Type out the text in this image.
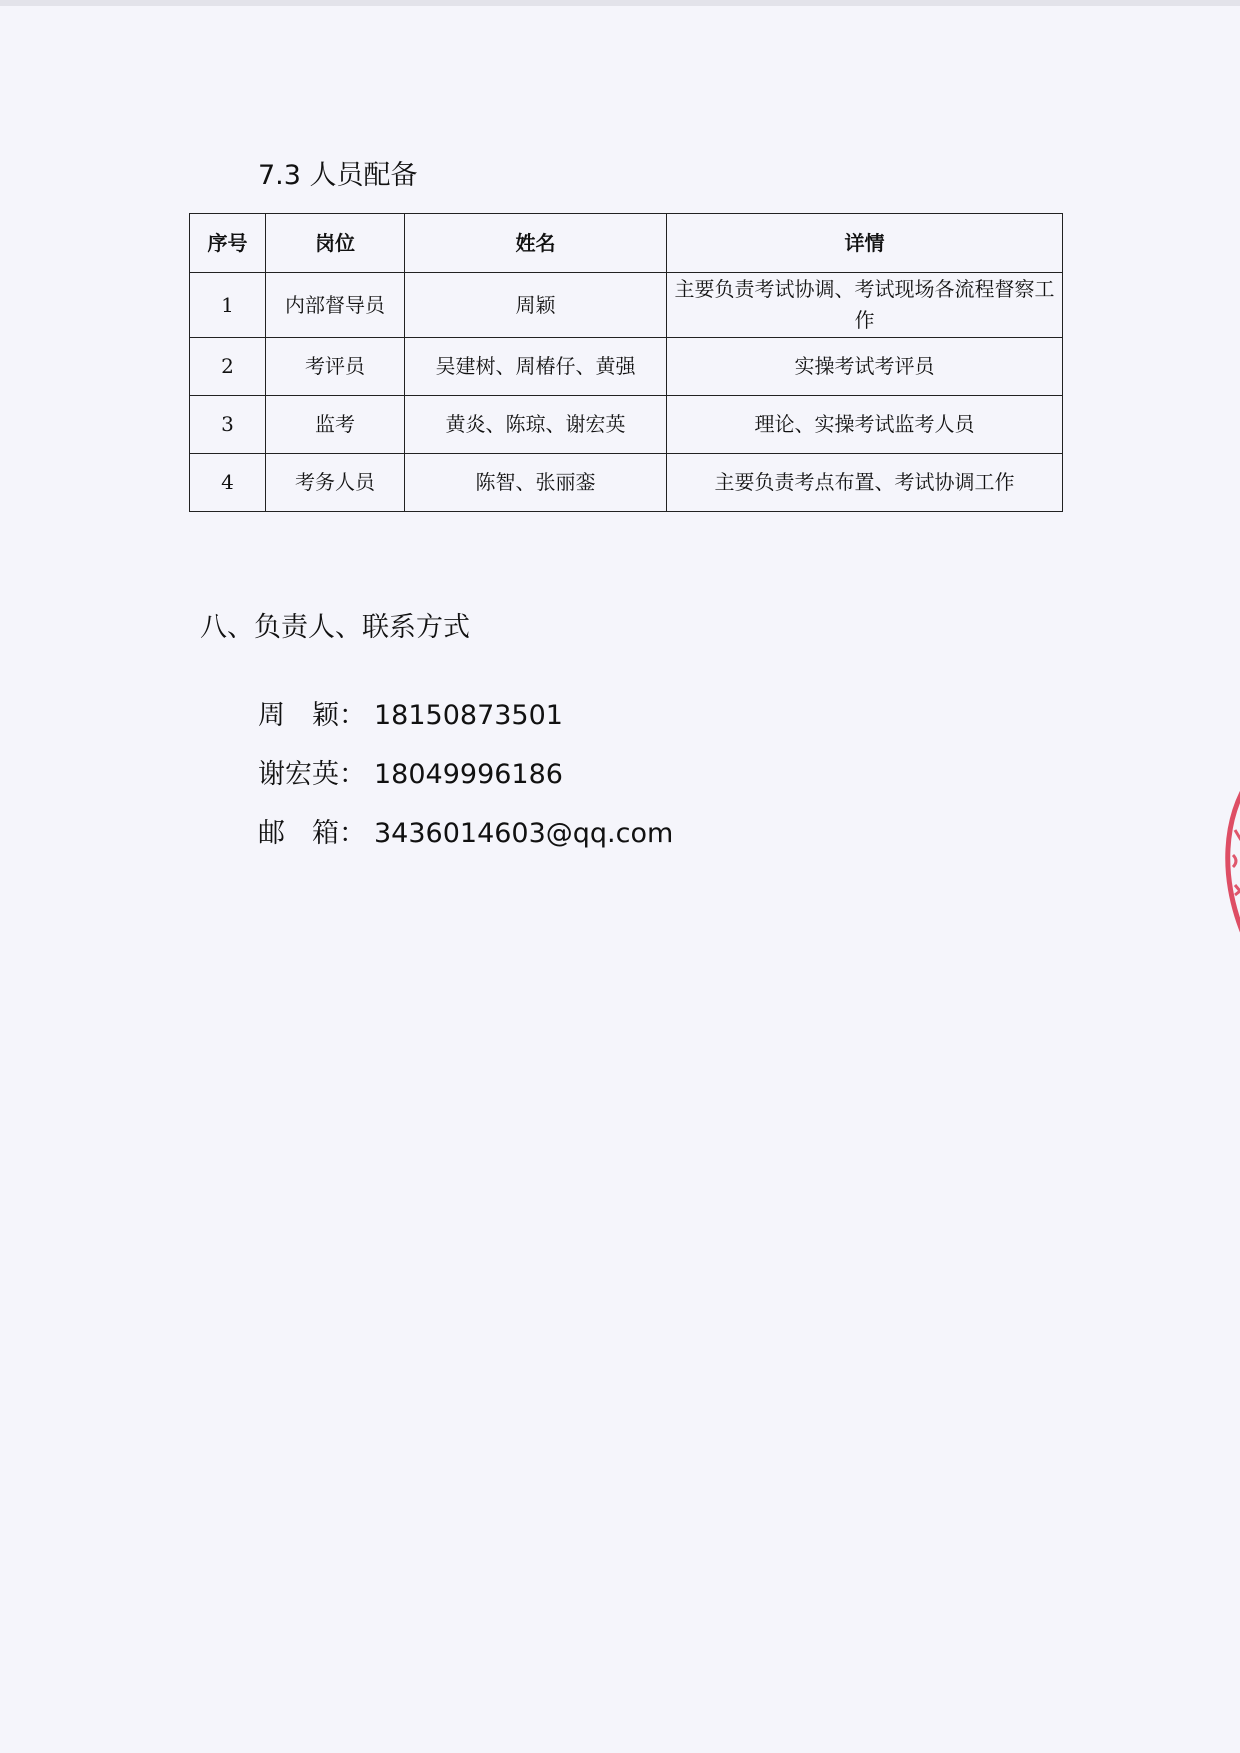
7.3 人员配备
序号	岗位	姓名	详情
1	内部督导员	周颖	主要负责考试协调、考试现场各流程督察工作
2	考评员	吴建树、周椿仔、黄强	实操考试考评员
3	监考	黄炎、陈琼、谢宏英	理论、实操考试监考人员
4	考务人员	陈智、张丽銮	主要负责考点布置、考试协调工作
八、负责人、联系方式
周　颖： 18150873501
谢宏英： 18049996186
邮　箱： 3436014603@qq.com
